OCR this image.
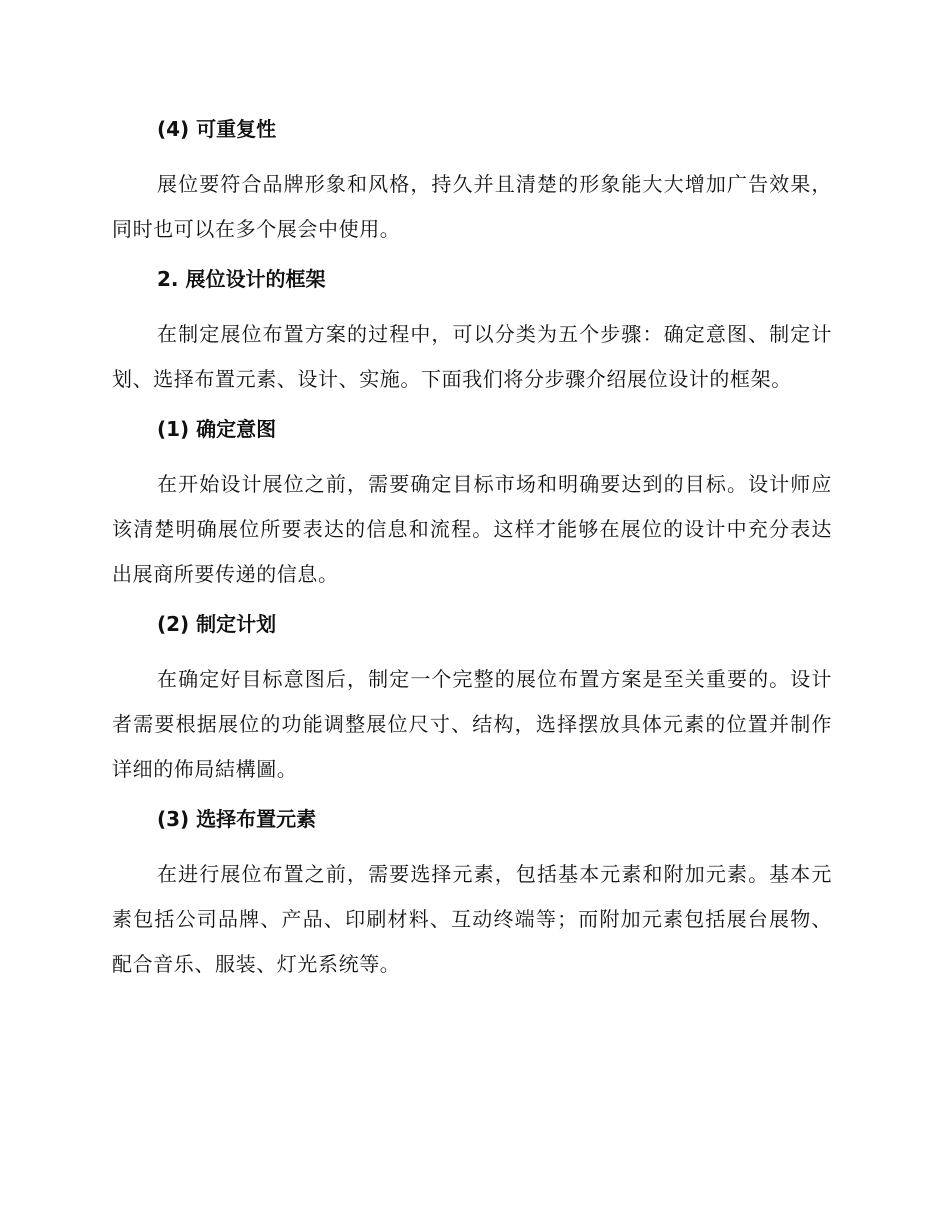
(4) 可重复性

展位要符合品牌形象和风格，持久并且清楚的形象能大大增加广告效果，同时也可以在多个展会中使用。

2. 展位设计的框架

在制定展位布置方案的过程中，可以分类为五个步骤：确定意图、制定计划、选择布置元素、设计、实施。下面我们将分步骤介绍展位设计的框架。

(1) 确定意图

在开始设计展位之前，需要确定目标市场和明确要达到的目标。设计师应该清楚明确展位所要表达的信息和流程。这样才能够在展位的设计中充分表达出展商所要传递的信息。

(2) 制定计划

在确定好目标意图后，制定一个完整的展位布置方案是至关重要的。设计者需要根据展位的功能调整展位尺寸、结构，选择摆放具体元素的位置并制作详细的佈局結構圖。

(3) 选择布置元素

在进行展位布置之前，需要选择元素，包括基本元素和附加元素。基本元素包括公司品牌、产品、印刷材料、互动终端等；而附加元素包括展台展物、配合音乐、服装、灯光系统等。
